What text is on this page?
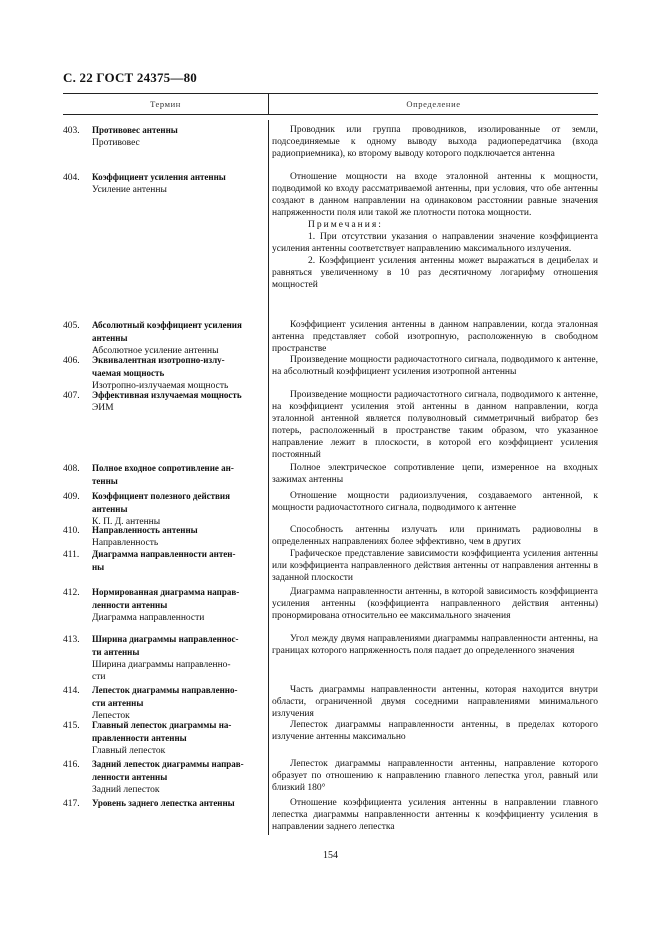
С. 22 ГОСТ 24375—80
Термин	Определение
403. Противовес антенны
Противовес
404. Коэффициент усиления антенны
Усиление антенны
405. Абсолютный коэффициент усиления
антенны
Абсолютное усиление антенны
406. Эквивалентная изотропно-излу-
чаемая мощность
Изотропно-излучаемая мощность
407. Эффективная излучаемая мощность
ЭИМ
408. Полное входное сопротивление ан-
тенны
409. Коэффициент полезного действия
антенны
К. П. Д. антенны
410. Направленность антенны
Направленность
411. Диаграмма направленности антен-
ны
412. Нормированная диаграмма направ-
ленности антенны
Диаграмма направленности
413. Ширина диаграммы направленнос-
ти антенны
Ширина диаграммы направленно-
сти
414. Лепесток диаграммы направленно-
сти антенны
Лепесток
415. Главный лепесток диаграммы на-
правленности антенны
Главный лепесток
416. Задний лепесток диаграммы направ-
ленности антенны
Задний лепесток
417. Уровень заднего лепестка антенны

Проводник или группа проводников, изолированные от земли, подсоединяемые к одному выводу выхода радиопередатчика (входа радиоприемника), ко второму выводу которого подключается антенна

Отношение мощности на входе эталонной антенны к мощности, подводимой ко входу рассматриваемой антенны, при условия, что обе антенны создают в данном направлении на одинаковом расстоянии равные значения напряженности поля или такой же плотности потока мощности.

Примечания:

1. При отсутствии указания о направлении значение коэффициента усиления антенны соответствует направлению максимального излучения.

2. Коэффициент усиления антенны может выражаться в децибелах и равняться увеличенному в 10 раз десятичному логарифму отношения мощностей

Коэффициент усиления антенны в данном направлении, когда эталонная антенна представляет собой изотропную, расположенную в свободном пространстве

Произведение мощности радиочастотного сигнала, подводимого к антенне, на абсолютный коэффициент усиления изотропной антенны

Произведение мощности радиочастотного сигнала, подводимого к антенне, на коэффициент усиления этой антенны в данном направлении, когда эталонной антенной является полуволновый симметричный вибратор без потерь, расположенный в пространстве таким образом, что указанное направление лежит в плоскости, в которой его коэффициент усиления постоянный

Полное электрическое сопротивление цепи, измеренное на входных зажимах антенны

Отношение мощности радиоизлучения, создаваемого антенной, к мощности радиочастотного сигнала, подводимого к антенне

Способность антенны излучать или принимать радиоволны в определенных направлениях более эффективно, чем в других

Графическое представление зависимости коэффициента усиления антенны или коэффициента направленного действия антенны от направления антенны в заданной плоскости

Диаграмма направленности антенны, в которой зависимость коэффициента усиления антенны (коэффициента направленного действия антенны) пронормирована относительно ее максимального значения

Угол между двумя направлениями диаграммы направленности антенны, на границах которого напряженность поля падает до определенного значения

Часть диаграммы направленности антенны, которая находится внутри области, ограниченной двумя соседними направлениями минимального излучения

Лепесток диаграммы направленности антенны, в пределах которого излучение антенны максимально

Лепесток диаграммы направленности антенны, направление которого образует по отношению к направлению главного лепестка угол, равный или близкий 180°

Отношение коэффициента усиления антенны в направлении главного лепестка диаграммы направленности антенны к коэффициенту усиления в направлении заднего лепестка

154
